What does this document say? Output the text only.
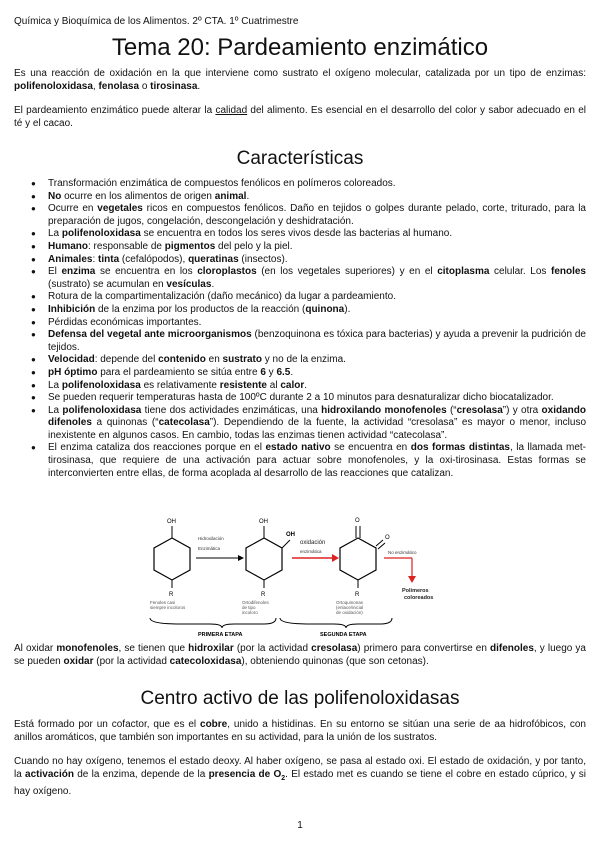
Química y Bioquímica de los Alimentos. 2º CTA. 1º Cuatrimestre
Tema 20: Pardeamiento enzimático

Es una reacción de oxidación en la que interviene como sustrato el oxígeno molecular, catalizada por un tipo de enzimas: polifenoloxidasa, fenolasa o tirosinasa.

El pardeamiento enzimático puede alterar la calidad del alimento. Es esencial en el desarrollo del color y sabor adecuado en el té y el cacao.

Características
● Transformación enzimática de compuestos fenólicos en polímeros coloreados.
● No ocurre en los alimentos de origen animal.
● Ocurre en vegetales ricos en compuestos fenólicos. Daño en tejidos o golpes durante pelado, corte, triturado, para la preparación de jugos, congelación, descongelación y deshidratación.
● La polifenoloxidasa se encuentra en todos los seres vivos desde las bacterias al humano.
● Humano: responsable de pigmentos del pelo y la piel.
● Animales: tinta (cefalópodos), queratinas (insectos).
● El enzima se encuentra en los cloroplastos (en los vegetales superiores) y en el citoplasma celular. Los fenoles (sustrato) se acumulan en vesículas.
● Rotura de la compartimentalización (daño mecánico) da lugar a pardeamiento.
● Inhibición de la enzima por los productos de la reacción (quinona).
● Pérdidas económicas importantes.
● Defensa del vegetal ante microorganismos (benzoquinona es tóxica para bacterias) y ayuda a prevenir la pudrición de tejidos.
● Velocidad: depende del contenido en sustrato y no de la enzima.
● pH óptimo para el pardeamiento se sitúa entre 6 y 6.5.
● La polifenoloxidasa es relativamente resistente al calor.
● Se pueden requerir temperaturas hasta de 100ºC durante 2 a 10 minutos para desnaturalizar dicho biocatalizador.
● La polifenoloxidasa tiene dos actividades enzimáticas, una hidroxilando monofenoles (“cresolasa”) y otra oxidando difenoles a quinonas (“catecolasa”). Dependiendo de la fuente, la actividad “cresolasa” es mayor o menor, incluso inexistente en algunos casos. En cambio, todas las enzimas tienen actividad “catecolasa”.
● El enzima cataliza dos reacciones porque en el estado nativo se encuentra en dos formas distintas, la llamada met-tirosinasa, que requiere de una activación para actuar sobre monofenoles, y la oxi-tirosinasa. Estas formas se interconvierten entre ellas, de forma acoplada al desarrollo de las reacciones que catalizan.
OH
R
Fenoles casi
siempre incoloros
Hidroxilación
Enzimática
OH
OH
R
Ortodifenoles
de tipo
incoloro
oxidación
enzimática
O
O
R
Ortoquinonas
(enlace/inicial
de oxidación)
No enzimático
Polímeros
coloreados
PRIMERA ETAPA	SEGUNDA ETAPA

Al oxidar monofenoles, se tienen que hidroxilar (por la actividad cresolasa) primero para convertirse en difenoles, y luego ya se pueden oxidar (por la actividad catecoloxidasa), obteniendo quinonas (que son cetonas).

Centro activo de las polifenoloxidasas

Está formado por un cofactor, que es el cobre, unido a histidinas. En su entorno se sitúan una serie de aa hidrofóbicos, con anillos aromáticos, que también son importantes en su actividad, para la unión de los sustratos.

Cuando no hay oxígeno, tenemos el estado deoxy. Al haber oxígeno, se pasa al estado oxi. El estado de oxidación, y por tanto, la activación de la enzima, depende de la presencia de $O_2$. El estado met es cuando se tiene el cobre en estado cúprico, y si hay oxígeno.

1
